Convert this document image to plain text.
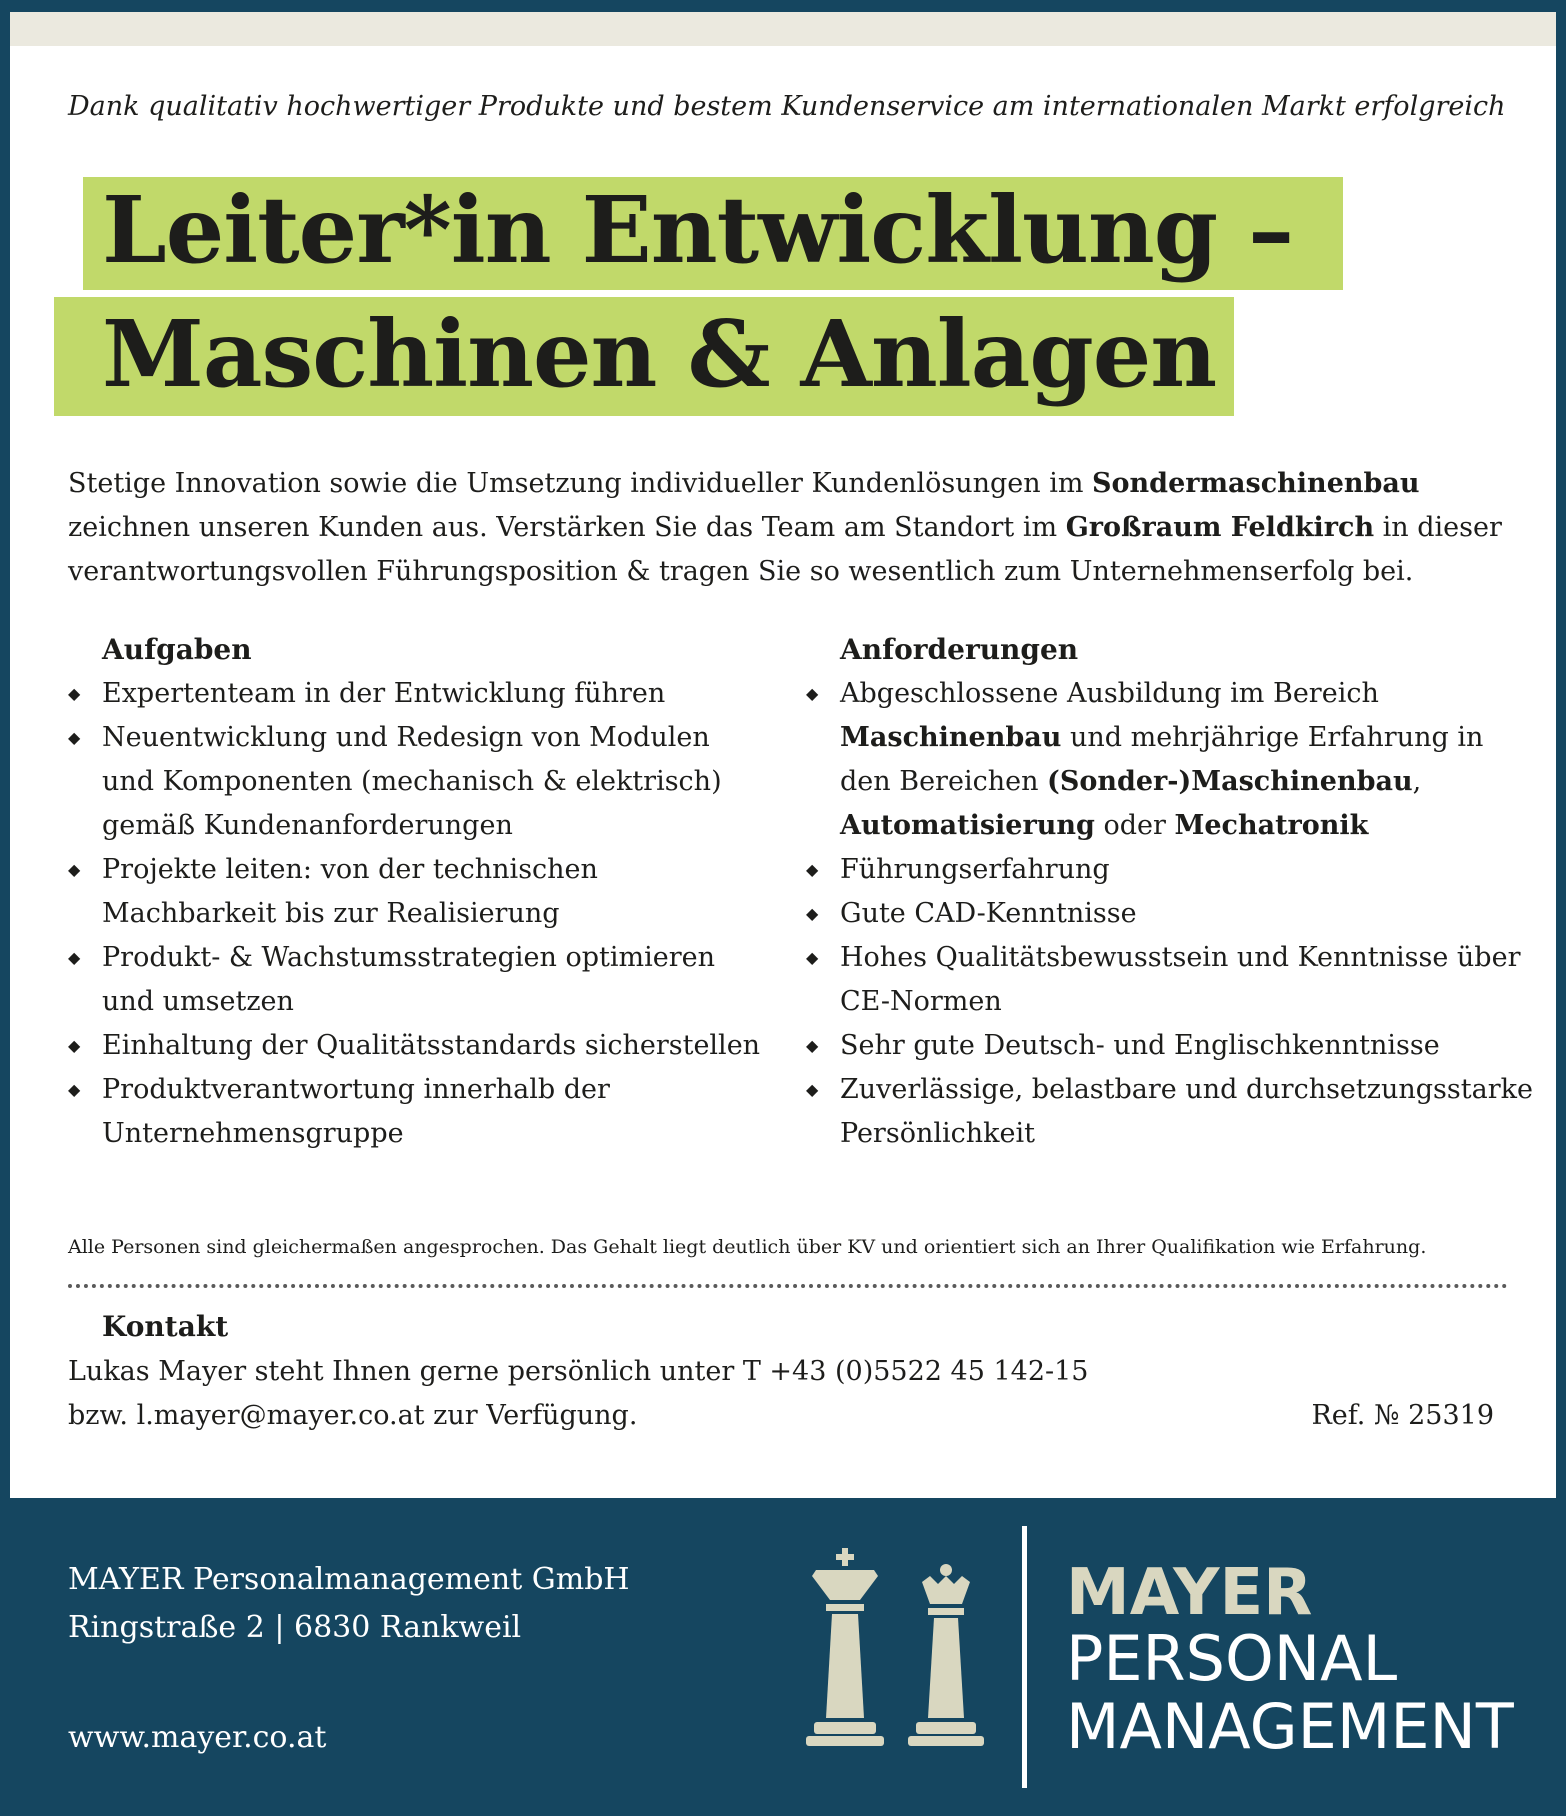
Dank qualitativ hochwertiger Produkte und bestem Kundenservice am internationalen Markt erfolgreich
Leiter*in Entwicklung –
Maschinen & Anlagen
Stetige Innovation sowie die Umsetzung individueller Kundenlösungen im Sondermaschinenbau zeichnen unseren Kunden aus. Verstärken Sie das Team am Standort im Großraum Feldkirch in dieser verantwortungsvollen Führungsposition & tragen Sie so wesentlich zum Unternehmenserfolg bei.
Aufgaben
◆ Expertenteam in der Entwicklung führen
◆ Neuentwicklung und Redesign von Modulen und Komponenten (mechanisch & elektrisch) gemäß Kundenanforderungen
◆ Projekte leiten: von der technischen Machbarkeit bis zur Realisierung
◆ Produkt- & Wachstumsstrategien optimieren und umsetzen
◆ Einhaltung der Qualitätsstandards sicherstellen
◆ Produktverantwortung innerhalb der Unternehmensgruppe
Anforderungen
◆ Abgeschlossene Ausbildung im Bereich Maschinenbau und mehrjährige Erfahrung in den Bereichen (Sonder-)Maschinenbau, Automatisierung oder Mechatronik
◆ Führungserfahrung
◆ Gute CAD-Kenntnisse
◆ Hohes Qualitätsbewusstsein und Kenntnisse über CE-Normen
◆ Sehr gute Deutsch- und Englischkenntnisse
◆ Zuverlässige, belastbare und durchsetzungsstarke Persönlichkeit
Alle Personen sind gleichermaßen angesprochen. Das Gehalt liegt deutlich über KV und orientiert sich an Ihrer Qualifikation wie Erfahrung.
Kontakt
Lukas Mayer steht Ihnen gerne persönlich unter T +43 (0)5522 45 142-15
bzw. l.mayer@mayer.co.at zur Verfügung.	Ref. № 25319
MAYER Personalmanagement GmbH
Ringstraße 2 | 6830 Rankweil
www.mayer.co.at
MAYER
PERSONAL
MANAGEMENT
